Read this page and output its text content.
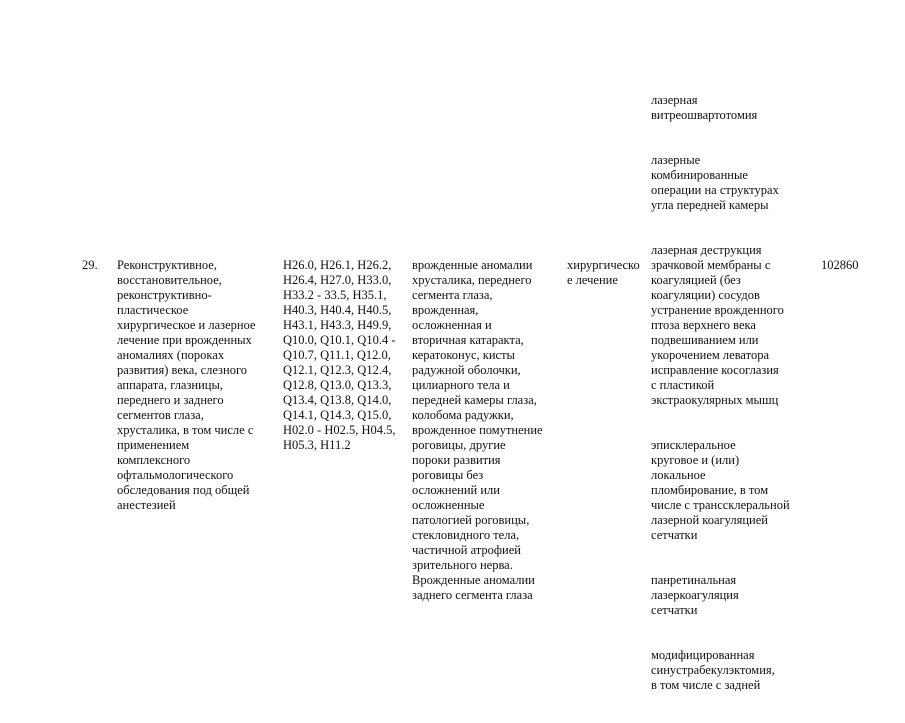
29.	Реконструктивное,
восстановительное,
реконструктивно-
пластическое
хирургическое и лазерное
лечение при врожденных
аномалиях (пороках
развития) века, слезного
аппарата, глазницы,
переднего и заднего
сегментов глаза,
хрусталика, в том числе с
применением
комплексного
офтальмологического
обследования под общей
анестезией
H26.0, H26.1, H26.2,
H26.4, H27.0, H33.0,
H33.2 - 33.5, H35.1,
H40.3, H40.4, H40.5,
H43.1, H43.3, H49.9,
Q10.0, Q10.1, Q10.4 -
Q10.7, Q11.1, Q12.0,
Q12.1, Q12.3, Q12.4,
Q12.8, Q13.0, Q13.3,
Q13.4, Q13.8, Q14.0,
Q14.1, Q14.3, Q15.0,
H02.0 - H02.5, H04.5,
H05.3, H11.2
врожденные аномалии
хрусталика, переднего
сегмента глаза,
врожденная,
осложненная и
вторичная катаракта,
кератоконус, кисты
радужной оболочки,
цилиарного тела и
передней камеры глаза,
колобома радужки,
врожденное помутнение
роговицы, другие
пороки развития
роговицы без
осложнений или
осложненные
патологией роговицы,
стекловидного тела,
частичной атрофией
зрительного нерва.
Врожденные аномалии
заднего сегмента глаза
хирургическо
е лечение

лазерная
витреошвартотомия

лазерные
комбинированные
операции на структурах
угла передней камеры

лазерная деструкция
зрачковой мембраны с
коагуляцией (без
коагуляции) сосудов
устранение врожденного
птоза верхнего века
подвешиванием или
укорочением леватора
исправление косоглазия
с пластикой
экстраокулярных мышц

эписклеральное
круговое и (или)
локальное
пломбирование, в том
числе с транссклеральной
лазерной коагуляцией
сетчатки

панретинальная
лазеркоагуляция
сетчатки

модифицированная
синустрабекулэктомия,
в том числе с задней

102860
